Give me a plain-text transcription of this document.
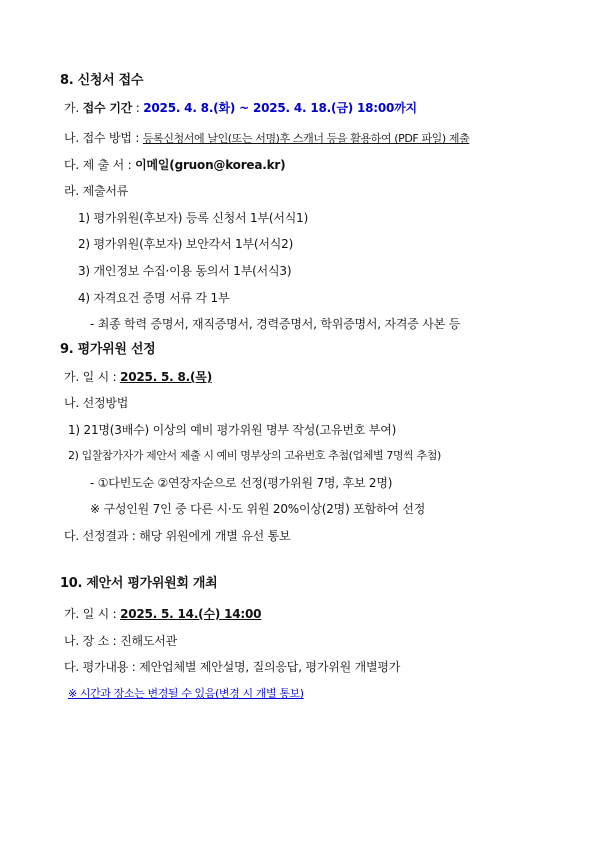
8. 신청서 접수
가. 접수 기간 : 2025. 4. 8.(화) ~ 2025. 4. 18.(금) 18:00까지
나. 접수 방법 : 등록신청서에 날인(또는 서명)후 스캐너 등을 활용하여 (PDF 파일) 제출
다. 제 출 서 : 이메일(gruon@korea.kr)
라. 제출서류
1) 평가위원(후보자) 등록 신청서 1부(서식1)
2) 평가위원(후보자) 보안각서 1부(서식2)
3) 개인정보 수집·이용 동의서 1부(서식3)
4) 자격요건 증명 서류 각 1부
- 최종 학력 증명서, 재직증명서, 경력증명서, 학위증명서, 자격증 사본 등
9. 평가위원 선정
가. 일 시 : 2025. 5. 8.(목)
나. 선정방법
1) 21명(3배수) 이상의 예비 평가위원 명부 작성(고유번호 부여)
2) 입찰참가자가 제안서 제출 시 예비 명부상의 고유번호 추첨(업체별 7명씩 추첨)
- ①다빈도순 ②연장자순으로 선정(평가위원 7명, 후보 2명)
※ 구성인원 7인 중 다른 시·도 위원 20%이상(2명) 포함하여 선정
다. 선정결과 : 해당 위원에게 개별 유선 통보
10. 제안서 평가위원회 개최
가. 일 시 : 2025. 5. 14.(수) 14:00
나. 장 소 : 진해도서관
다. 평가내용 : 제안업체별 제안설명, 질의응답, 평가위원 개별평가
※ 시간과 장소는 변경될 수 있음(변경 시 개별 통보)
